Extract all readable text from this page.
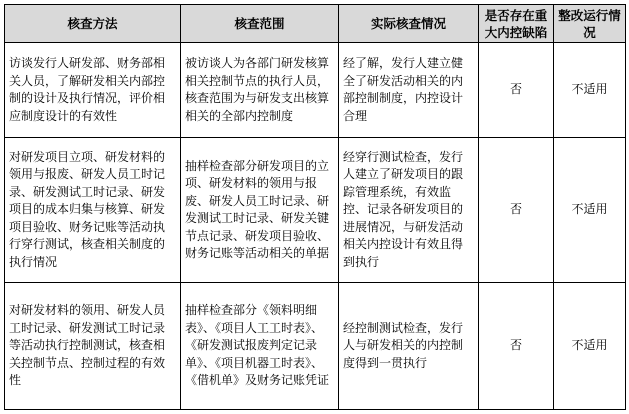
核查方法	核查范围	实际核查情况	是否存在重大内控缺陷	整改运行情况
访谈发行人研发部、财务部相关人员，了解研发相关内部控制的设计及执行情况，评价相应制度设计的有效性	被访谈人为各部门研发核算相关控制节点的执行人员，核查范围为与研发支出核算相关的全部内控制度	经了解，发行人建立健全了研发活动相关的内部控制制度，内控设计合理	否	不适用
对研发项目立项、研发材料的领用与报废、研发人员工时记录、研发测试工时记录、研发项目的成本归集与核算、研发项目验收、财务记账等活动执行穿行测试，核查相关制度的执行情况	抽样检查部分研发项目的立项、研发材料的领用与报废、研发人员工时记录、研发测试工时记录、研发关键节点记录、研发项目验收、财务记账等活动相关的单据	经穿行测试检查，发行人建立了研发项目的跟踪管理系统，有效监控、记录各研发项目的进展情况，与研发活动相关内控设计有效且得到执行	否	不适用
对研发材料的领用、研发人员工时记录、研发测试工时记录等活动执行控制测试，核查相关控制节点、控制过程的有效性	抽样检查部分《领料明细表》、《项目人工工时表》、《研发测试报废判定记录单》、《项目机器工时表》、《借机单》及财务记账凭证	经控制测试检查，发行人与研发相关的内控制度得到一贯执行	否	不适用
